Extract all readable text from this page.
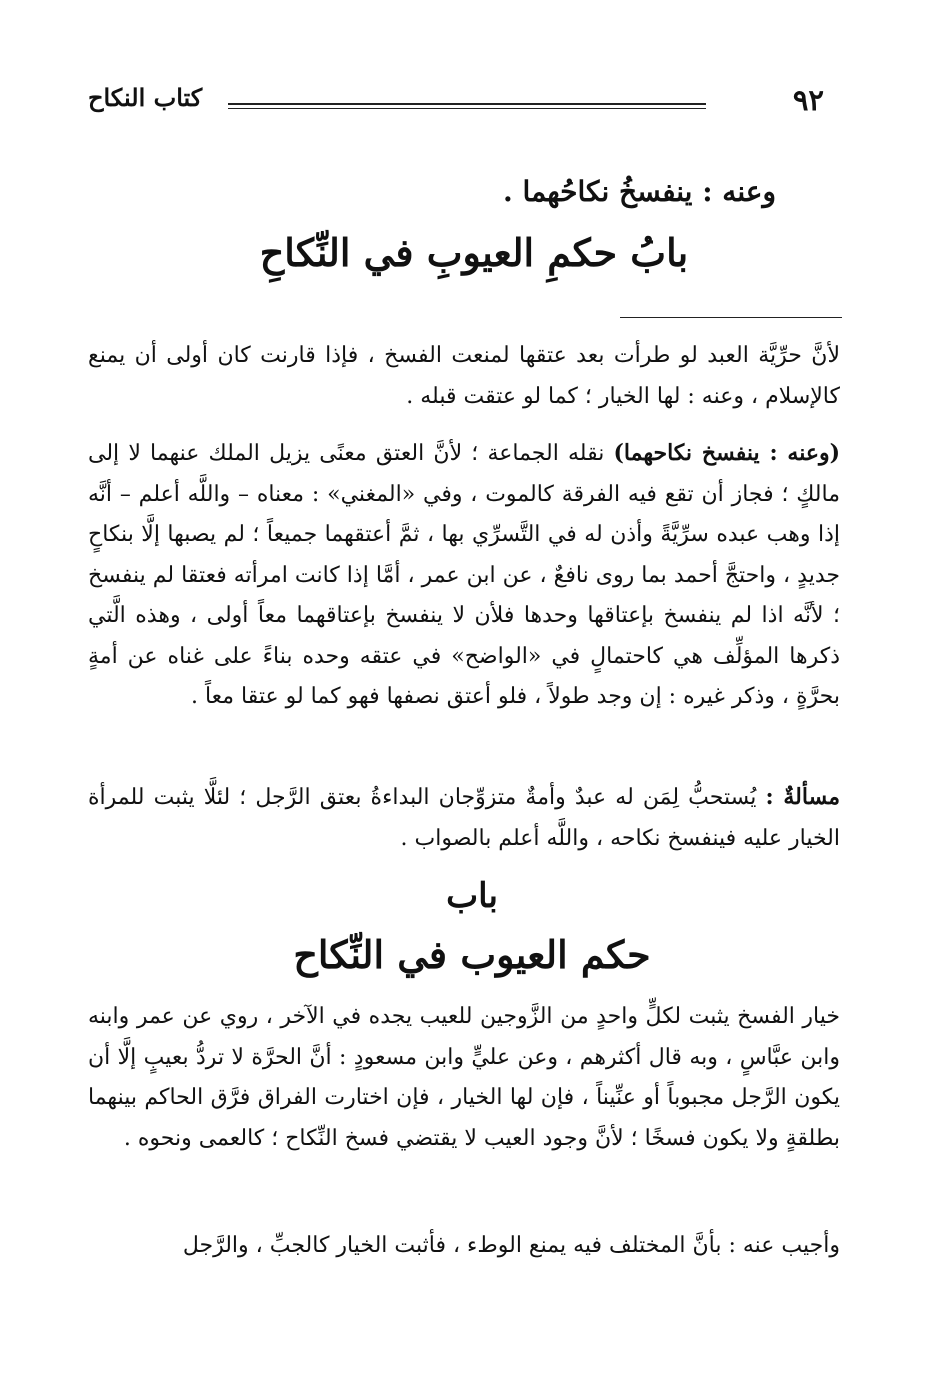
٩٢
كتاب النكاح
وعنه : ينفسخُ نكاحُهما .
بابُ حكمِ العيوبِ في النِّكاحِ
لأنَّ حرِّيَّة العبد لو طرأت بعد عتقها لمنعت الفسخ ، فإذا قارنت كان أولى أن يمنع كالإسلام ، وعنه : لها الخيار ؛ كما لو عتقت قبله .
(وعنه : ينفسخ نكاحهما) نقله الجماعة ؛ لأنَّ العتق معنًى يزيل الملك عنهما لا إلى مالكٍ ؛ فجاز أن تقع فيه الفرقة كالموت ، وفي «المغني» : معناه – واللَّه أعلم – أنَّه إذا وهب عبده سرِّيَّةً وأذن له في التَّسرِّي بها ، ثمَّ أعتقهما جميعاً ؛ لم يصبها إلَّا بنكاحٍ جديدٍ ، واحتجَّ أحمد بما روى نافعٌ ، عن ابن عمر ، أمَّا إذا كانت امرأته فعتقا لم ينفسخ ؛ لأنَّه اذا لم ينفسخ بإعتاقها وحدها فلأن لا ينفسخ بإعتاقهما معاً أولى ، وهذه الَّتي ذكرها المؤلِّف هي كاحتمالٍ في «الواضح» في عتقه وحده بناءً على غناه عن أمةٍ بحرَّةٍ ، وذكر غيره : إن وجد طولاً ، فلو أعتق نصفها فهو كما لو عتقا معاً .
مسألةٌ : يُستحبُّ لِمَن له عبدٌ وأمةٌ متزوِّجان البداءةُ بعتق الرَّجل ؛ لئلَّا يثبت للمرأة الخيار عليه فينفسخ نكاحه ، واللَّه أعلم بالصواب .
باب
حكم العيوب في النِّكاح
خيار الفسخ يثبت لكلٍّ واحدٍ من الزَّوجين للعيب يجده في الآخر ، روي عن عمر وابنه وابن عبَّاسٍ ، وبه قال أكثرهم ، وعن عليٍّ وابن مسعودٍ : أنَّ الحرَّة لا تردُّ بعيبٍ إلَّا أن يكون الرَّجل مجبوباً أو عنِّيناً ، فإن لها الخيار ، فإن اختارت الفراق فرَّق الحاكم بينهما بطلقةٍ ولا يكون فسخًا ؛ لأنَّ وجود العيب لا يقتضي فسخ النِّكاح ؛ كالعمى ونحوه .
وأجيب عنه : بأنَّ المختلف فيه يمنع الوطء ، فأثبت الخيار كالجبِّ ، والرَّجل
